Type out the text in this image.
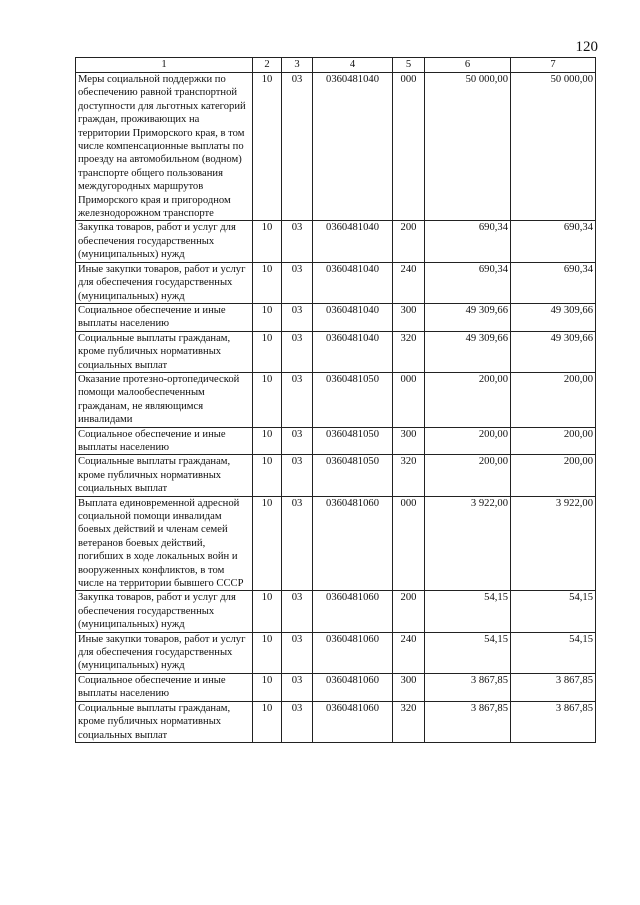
120
1	2	3	4	5	6	7
Меры социальной поддержки по обеспечению равной транспортной доступности для льготных категорий граждан, проживающих на территории Приморского края, в том числе компенсационные выплаты по проезду на автомобильном (водном) транспорте общего пользования междугородных маршрутов Приморского края и пригородном железнодорожном транспорте	10	03	0360481040	000	50 000,00	50 000,00
Закупка товаров, работ и услуг для обеспечения государственных (муниципальных) нужд	10	03	0360481040	200	690,34	690,34
Иные закупки товаров, работ и услуг для обеспечения государственных (муниципальных) нужд	10	03	0360481040	240	690,34	690,34
Социальное обеспечение и иные выплаты населению	10	03	0360481040	300	49 309,66	49 309,66
Социальные выплаты гражданам, кроме публичных нормативных социальных выплат	10	03	0360481040	320	49 309,66	49 309,66
Оказание протезно-ортопедической помощи малообеспеченным гражданам, не являющимся инвалидами	10	03	0360481050	000	200,00	200,00
Социальное обеспечение и иные выплаты населению	10	03	0360481050	300	200,00	200,00
Социальные выплаты гражданам, кроме публичных нормативных социальных выплат	10	03	0360481050	320	200,00	200,00
Выплата единовременной адресной социальной помощи инвалидам боевых действий и членам семей ветеранов боевых действий, погибших в ходе локальных войн и вооруженных конфликтов, в том числе на территории бывшего СССР	10	03	0360481060	000	3 922,00	3 922,00
Закупка товаров, работ и услуг для обеспечения государственных (муниципальных) нужд	10	03	0360481060	200	54,15	54,15
Иные закупки товаров, работ и услуг для обеспечения государственных (муниципальных) нужд	10	03	0360481060	240	54,15	54,15
Социальное обеспечение и иные выплаты населению	10	03	0360481060	300	3 867,85	3 867,85
Социальные выплаты гражданам, кроме публичных нормативных социальных выплат	10	03	0360481060	320	3 867,85	3 867,85
